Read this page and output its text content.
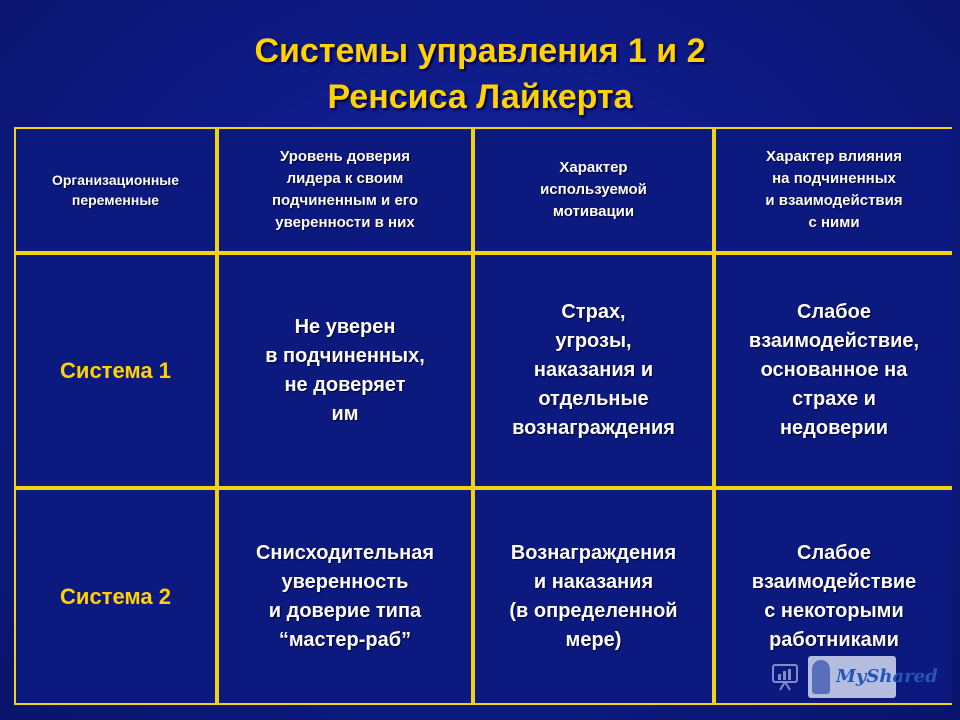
Системы управления 1 и 2
Ренсиса Лайкерта
Организационные
переменные
Уровень доверия
лидера к своим
подчиненным и его
уверенности в них
Характер
используемой
мотивации
Характер влияния
на подчиненных
и взаимодействия
с ними
Система 1
Не уверен
в подчиненных,
не доверяет
им
Страх,
угрозы,
наказания и
отдельные
вознаграждения
Слабое
взаимодействие,
основанное на
страхе и
недоверии
Система 2
Снисходительная
уверенность
и доверие типа
“мастер-раб”
Вознаграждения
и наказания
(в определенной
мере)
Слабое
взаимодействие
с некоторыми
работниками
MyShared
